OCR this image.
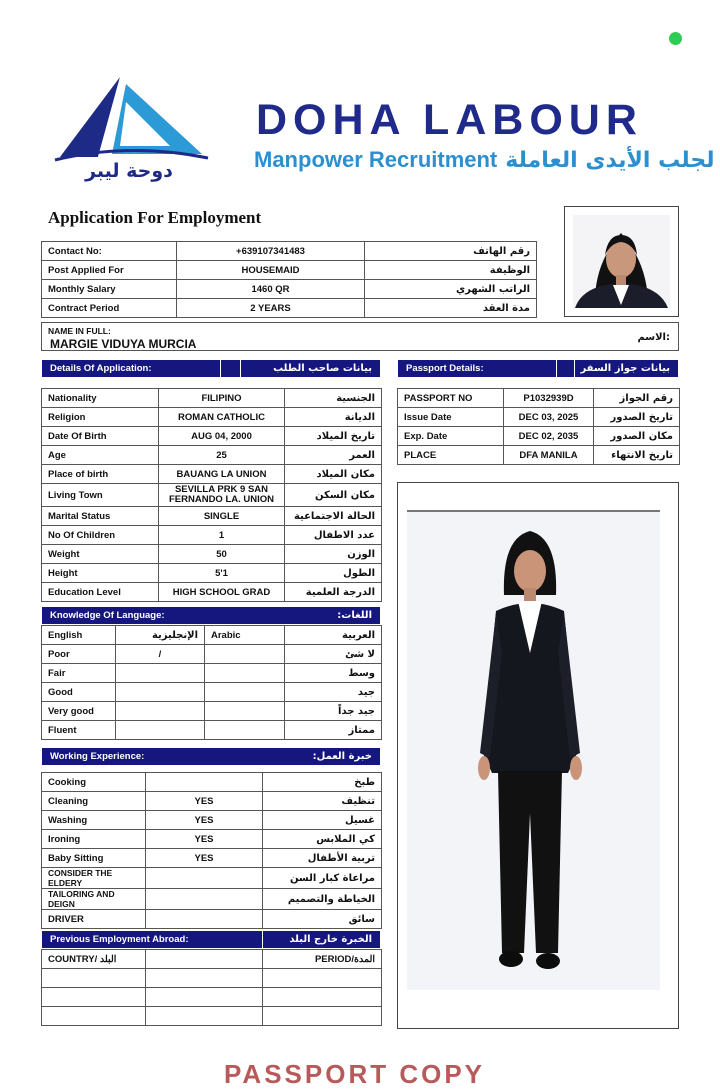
دوحة ليبر
DOHA LABOUR
Manpower Recruitment لجلب الأيدى العاملة
Application For Employment
Contact No:	+639107341483	رقم الهاتف
Post Applied For	HOUSEMAID	الوظيفة
Monthly Salary	1460 QR	الراتب الشهري
Contract Period	2 YEARS	مدة العقد
NAME IN FULL:
MARGIE VIDUYA MURCIA	الاسم:
Details Of Application:	بيانات صاحب الطلب
Nationality	FILIPINO	الجنسية
Religion	ROMAN CATHOLIC	الديانة
Date Of Birth	AUG 04, 2000	تاريخ الميلاد
Age	25	العمر
Place of birth	BAUANG LA UNION	مكان الميلاد
Living Town	SEVILLA PRK 9 SAN FERNANDO LA. UNION	مكان السكن
Marital Status	SINGLE	الحالة الاجتماعية
No Of Children	1	عدد الاطفال
Weight	50	الوزن
Height	5'1	الطول
Education Level	HIGH SCHOOL GRAD	الدرجة العلمية
Passport Details:	بيانات جواز السفر
PASSPORT NO	P1032939D	رقم الجواز
Issue Date	DEC 03, 2025	تاريخ الصدور
Exp. Date	DEC 02, 2035	مكان الصدور
PLACE	DFA MANILA	تاريخ الانتهاء
Knowledge Of Language:	اللغات:
English	الإنجليزية	Arabic	العربية
Poor	/		لا شئ
Fair			وسط
Good			جيد
Very good			جيد جداً
Fluent			ممتاز
Working Experience:	خبرة العمل:
Cooking		طبخ
Cleaning	YES	تنظيف
Washing	YES	غسيل
Ironing	YES	كي الملابس
Baby Sitting	YES	تربية الأطفال
CONSIDER THE ELDERY		مراعاة كبار السن
TAILORING AND DEIGN		الخياطة والتصميم
DRIVER		سائق
Previous Employment Abroad:	الخبرة خارج البلد
COUNTRY/ البلد		PERIOD/المدة

PASSPORT COPY
